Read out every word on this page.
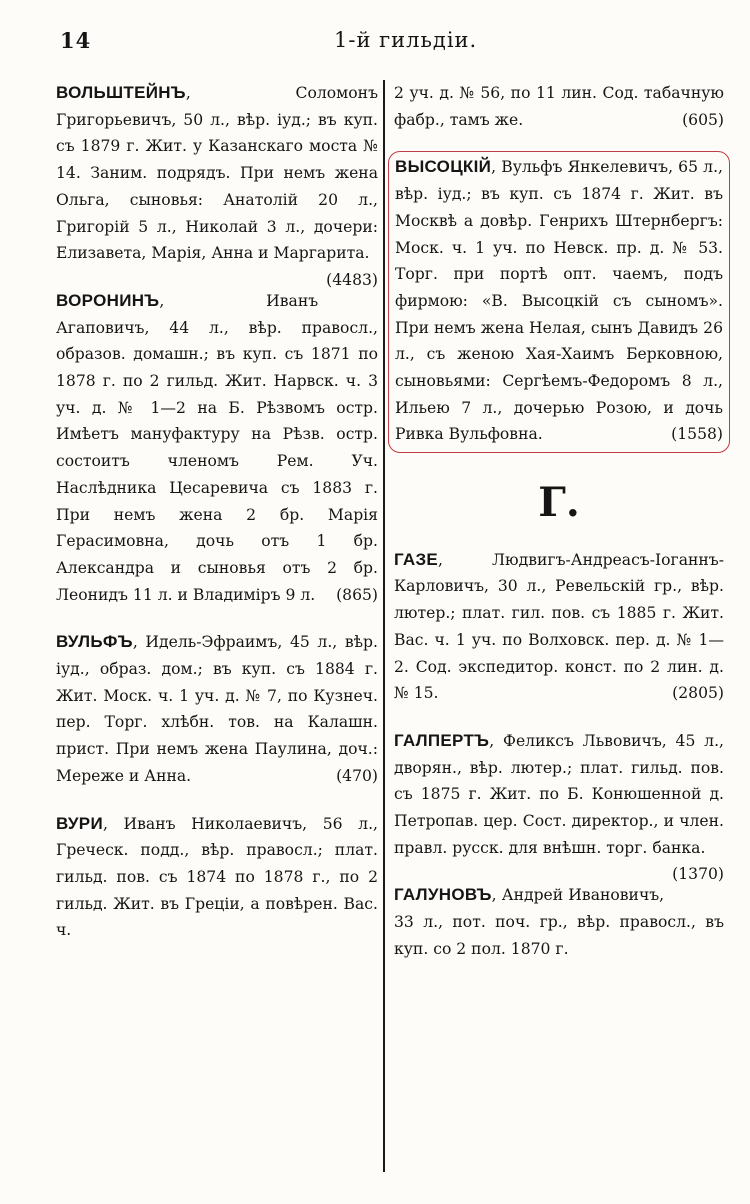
14	1-й гильдіи.

ВОЛЬШТЕЙНЪ, Соломонъ Григорьевичъ, 50 л., вѣр. іуд.; въ куп. съ 1879 г. Жит. у Казанскаго моста № 14. Заним. подрядъ. При немъ жена Ольга, сыновья: Анатолій 20 л., Григорій 5 л., Николай 3 л., дочери: Елизавета, Марія, Анна и Маргарита.
(4483)

ВОРОНИНЪ, Иванъ Агаповичъ, 44 л., вѣр. правосл., образов. домашн.; въ куп. съ 1871 по 1878 г. по 2 гильд. Жит. Нарвск. ч. 3 уч. д. № 1—2 на Б. Рѣзвомъ остр. Имѣетъ мануфактуру на Рѣзв. остр. состоитъ членомъ Рем. Уч. Наслѣдника Цесаревича съ 1883 г. При немъ жена 2 бр. Марія Герасимовна, дочь отъ 1 бр. Александра и сыновья отъ 2 бр. Леонидъ 11 л. и Владиміръ 9 л.	(865)

ВУЛЬФЪ, Идель-Эфраимъ, 45 л., вѣр. іуд., образ. дом.; въ куп. съ 1884 г. Жит. Моск. ч. 1 уч. д. № 7, по Кузнеч. пер. Торг. хлѣбн. тов. на Калашн. прист. При немъ жена Паулина, доч.: Мереже и Анна.	(470)

ВУРИ, Иванъ Николаевичъ, 56 л., Греческ. подд., вѣр. правосл.; плат. гильд. пов. съ 1874 по 1878 г., по 2 гильд. Жит. въ Греціи, а повѣрен. Вас. ч.

2 уч. д. № 56, по 11 лин. Сод. табачную фабр., тамъ же.	(605)

ВЫСОЦКІЙ, Вульфъ Янкелевичъ, 65 л., вѣр. іуд.; въ куп. съ 1874 г. Жит. въ Москвѣ а довѣр. Генрихъ Штернбергъ: Моск. ч. 1 уч. по Невск. пр. д. № 53. Торг. при портѣ опт. чаемъ, подъ фирмою: «В. Высоцкій съ сыномъ». При немъ жена Нелая, сынъ Давидъ 26 л., съ женою Хая-Хаимъ Берковною, сыновьями: Сергѣемъ-Федоромъ 8 л., Ильею 7 л., дочерью Розою, и дочь Ривка Вульфовна.	(1558)

Г.

ГАЗЕ, Людвигъ-Андреасъ-Іоганнъ-Карловичъ, 30 л., Ревельскій гр., вѣр. лютер.; плат. гил. пов. съ 1885 г. Жит. Вас. ч. 1 уч. по Волховск. пер. д. № 1—2. Сод. экспедитор. конст. по 2 лин. д. № 15.	(2805)

ГАЛПЕРТЪ, Феликсъ Львовичъ, 45 л., дворян., вѣр. лютер.; плат. гильд. пов. съ 1875 г. Жит. по Б. Конюшенной д. Петропав. цер. Сост. директор., и член. правл. русск. для внѣшн. торг. банка.
(1370)

ГАЛУНОВЪ, Андрей Ивановичъ, 33 л., пот. поч. гр., вѣр. правосл., въ куп. со 2 пол. 1870 г.
